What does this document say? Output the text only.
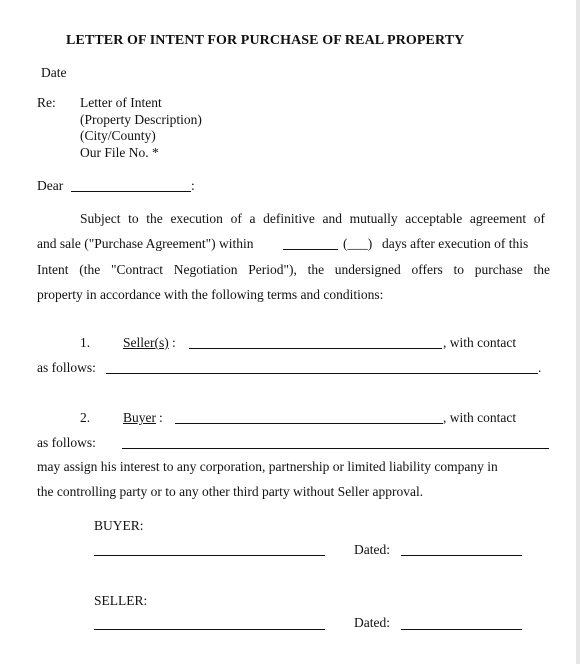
LETTER OF INTENT FOR PURCHASE OF REAL PROPERTY
Date
Re: Letter of Intent
(Property Description)
(City/County)
Our File No. *
Dear	:
Subject to the execution of a definitive and mutually acceptable agreement of
and sale ("Purchase Agreement") within	(___) days after execution of this
Intent (the "Contract Negotiation Period"), the undersigned offers to purchase the
property in accordance with the following terms and conditions:
1. Seller(s) :	, with contact
as follows:	.
2. Buyer :	, with contact
as follows:
may assign his interest to any corporation, partnership or limited liability company in
the controlling party or to any other third party without Seller approval.
BUYER:
Dated:
SELLER:
Dated:
